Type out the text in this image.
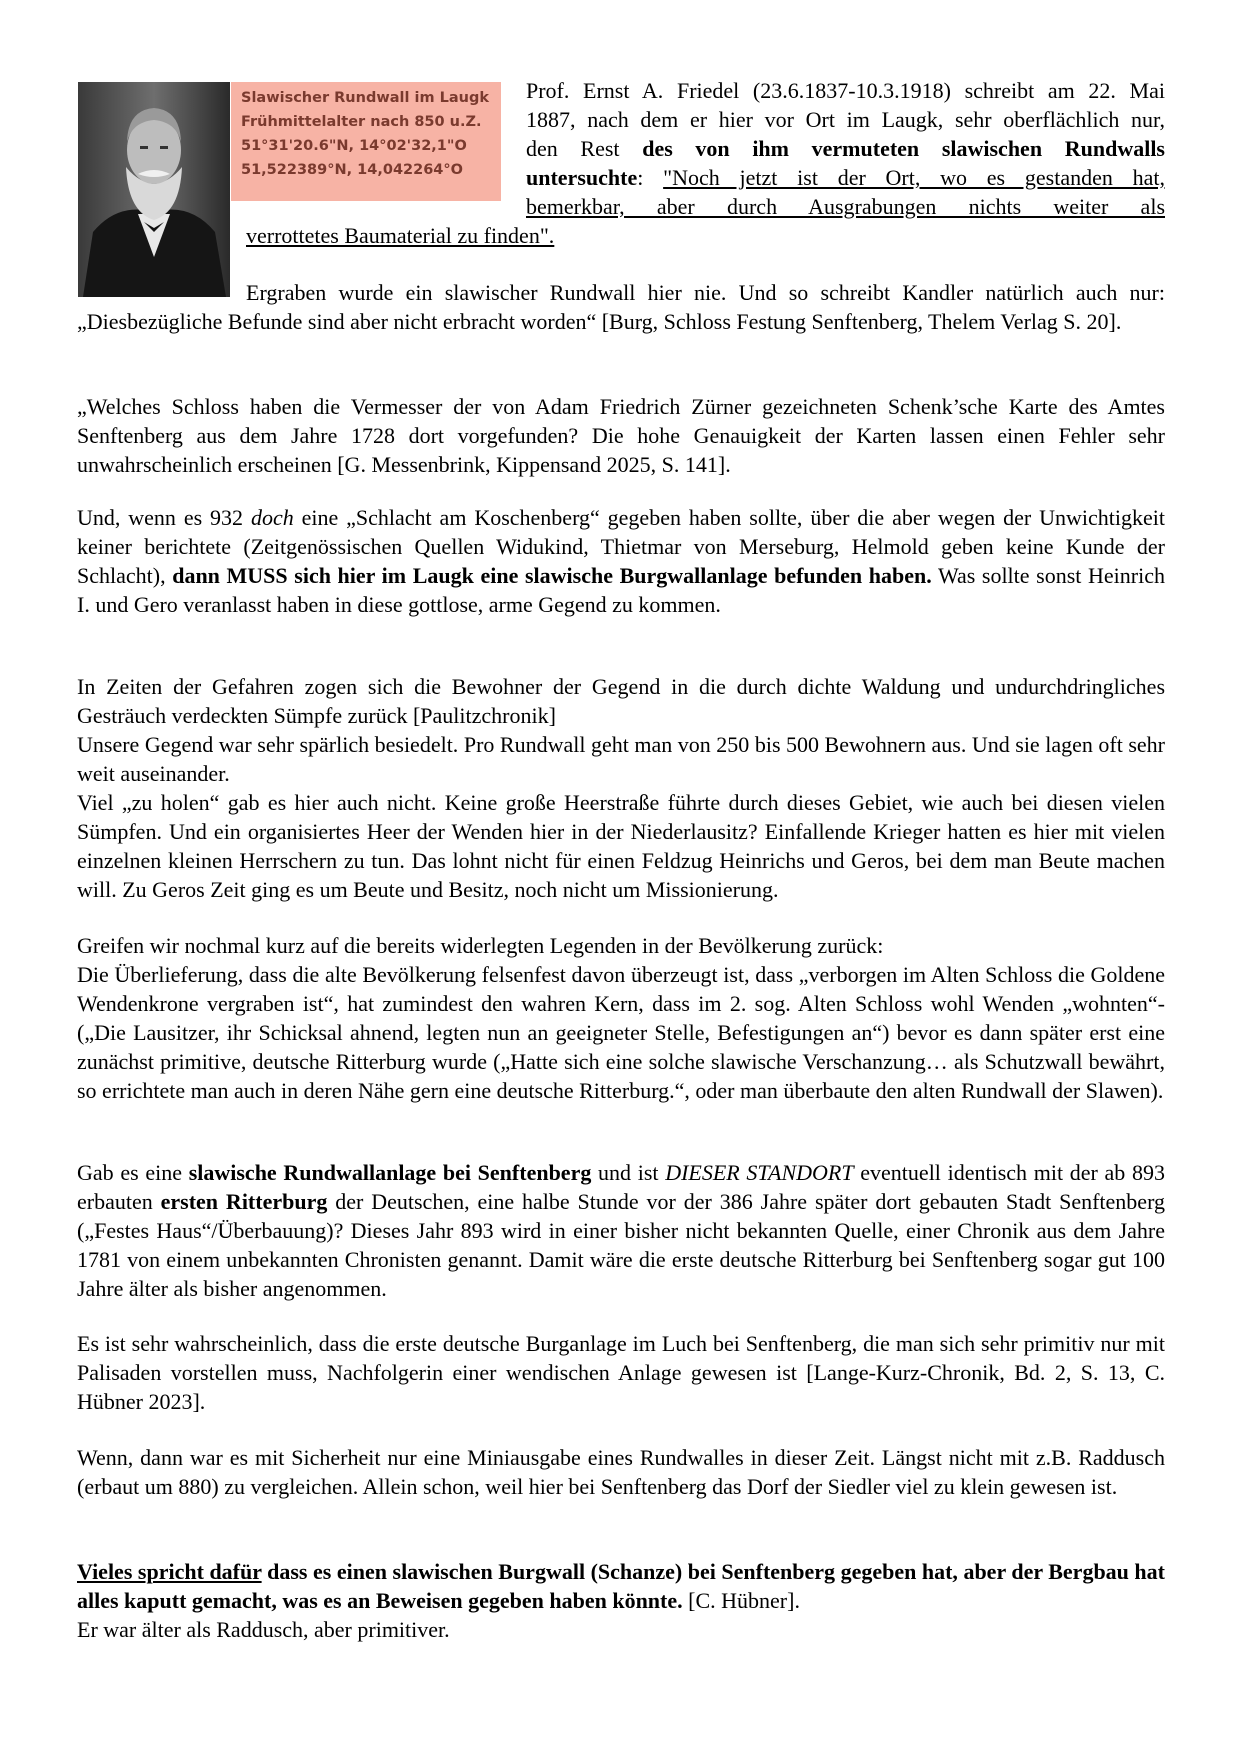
Slawischer Rundwall im Laugk
Frühmittelalter nach 850 u.Z.
51°31'20.6"N, 14°02'32,1"O
51,522389°N, 14,042264°O
Prof. Ernst A. Friedel (23.6.1837-10.3.1918) schreibt am 22. Mai
1887, nach dem er hier vor Ort im Laugk, sehr oberflächlich nur,
den Rest des von ihm vermuteten slawischen Rundwalls
untersuchte: "Noch jetzt ist der Ort, wo es gestanden hat,
bemerkbar, aber durch Ausgrabungen nichts weiter als
verrottetes Baumaterial zu finden".
Ergraben wurde ein slawischer Rundwall hier nie. Und so schreibt Kandler natürlich auch nur: „Diesbezügliche Befunde sind aber nicht erbracht worden“ [Burg, Schloss Festung Senftenberg, Thelem Verlag S. 20].
„Welches Schloss haben die Vermesser der von Adam Friedrich Zürner gezeichneten Schenk’sche Karte des Amtes Senftenberg aus dem Jahre 1728 dort vorgefunden? Die hohe Genauigkeit der Karten lassen einen Fehler sehr unwahrscheinlich erscheinen [G. Messenbrink, Kippensand 2025, S. 141].
Und, wenn es 932 doch eine „Schlacht am Koschenberg“ gegeben haben sollte, über die aber wegen der Unwichtigkeit keiner berichtete (Zeitgenössischen Quellen Widukind, Thietmar von Merseburg, Helmold geben keine Kunde der Schlacht), dann MUSS sich hier im Laugk eine slawische Burgwallanlage befunden haben. Was sollte sonst Heinrich I. und Gero veranlasst haben in diese gottlose, arme Gegend zu kommen.
In Zeiten der Gefahren zogen sich die Bewohner der Gegend in die durch dichte Waldung und undurchdringliches Gesträuch verdeckten Sümpfe zurück [Paulitzchronik]
Unsere Gegend war sehr spärlich besiedelt. Pro Rundwall geht man von 250 bis 500 Bewohnern aus. Und sie lagen oft sehr weit auseinander.
Viel „zu holen“ gab es hier auch nicht. Keine große Heerstraße führte durch dieses Gebiet, wie auch bei diesen vielen Sümpfen. Und ein organisiertes Heer der Wenden hier in der Niederlausitz? Einfallende Krieger hatten es hier mit vielen einzelnen kleinen Herrschern zu tun. Das lohnt nicht für einen Feldzug Heinrichs und Geros, bei dem man Beute machen will. Zu Geros Zeit ging es um Beute und Besitz, noch nicht um Missionierung.
Greifen wir nochmal kurz auf die bereits widerlegten Legenden in der Bevölkerung zurück:
Die Überlieferung, dass die alte Bevölkerung felsenfest davon überzeugt ist, dass „verborgen im Alten Schloss die Goldene Wendenkrone vergraben ist“, hat zumindest den wahren Kern, dass im 2. sog. Alten Schloss wohl Wenden „wohnten“- („Die Lausitzer, ihr Schicksal ahnend, legten nun an geeigneter Stelle, Befestigungen an“) bevor es dann später erst eine zunächst primitive, deutsche Ritterburg wurde („Hatte sich eine solche slawische Verschanzung… als Schutzwall bewährt, so errichtete man auch in deren Nähe gern eine deutsche Ritterburg.“, oder man überbaute den alten Rundwall der Slawen).
Gab es eine slawische Rundwallanlage bei Senftenberg und ist DIESER STANDORT eventuell identisch mit der ab 893 erbauten ersten Ritterburg der Deutschen, eine halbe Stunde vor der 386 Jahre später dort gebauten Stadt Senftenberg („Festes Haus“/Überbauung)? Dieses Jahr 893 wird in einer bisher nicht bekannten Quelle, einer Chronik aus dem Jahre 1781 von einem unbekannten Chronisten genannt. Damit wäre die erste deutsche Ritterburg bei Senftenberg sogar gut 100 Jahre älter als bisher angenommen.
Es ist sehr wahrscheinlich, dass die erste deutsche Burganlage im Luch bei Senftenberg, die man sich sehr primitiv nur mit Palisaden vorstellen muss, Nachfolgerin einer wendischen Anlage gewesen ist [Lange-Kurz-Chronik, Bd. 2, S. 13, C. Hübner 2023].
Wenn, dann war es mit Sicherheit nur eine Miniausgabe eines Rundwalles in dieser Zeit. Längst nicht mit z.B. Raddusch (erbaut um 880) zu vergleichen. Allein schon, weil hier bei Senftenberg das Dorf der Siedler viel zu klein gewesen ist.
Vieles spricht dafür dass es einen slawischen Burgwall (Schanze) bei Senftenberg gegeben hat, aber der Bergbau hat alles kaputt gemacht, was es an Beweisen gegeben haben könnte. [C. Hübner].
Er war älter als Raddusch, aber primitiver.
